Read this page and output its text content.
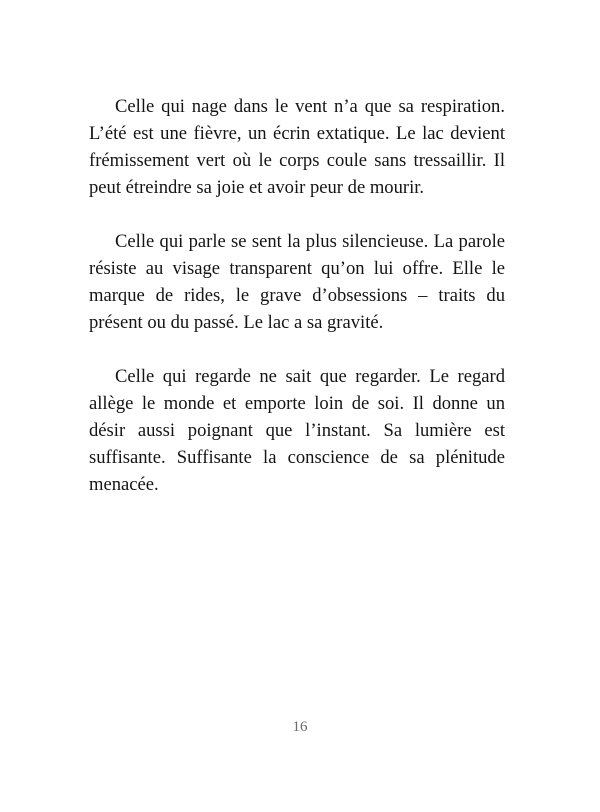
Celle qui nage dans le vent n’a que sa respiration. L’été est une fièvre, un écrin extatique. Le lac devient frémissement vert où le corps coule sans tressaillir. Il peut étreindre sa joie et avoir peur de mourir.

Celle qui parle se sent la plus silencieuse. La parole résiste au visage transparent qu’on lui offre. Elle le marque de rides, le grave d’obsessions – traits du présent ou du passé. Le lac a sa gravité.

Celle qui regarde ne sait que regarder. Le regard allège le monde et emporte loin de soi. Il donne un désir aussi poignant que l’instant. Sa lumière est suffisante. Suffisante la conscience de sa plénitude menacée.

16
